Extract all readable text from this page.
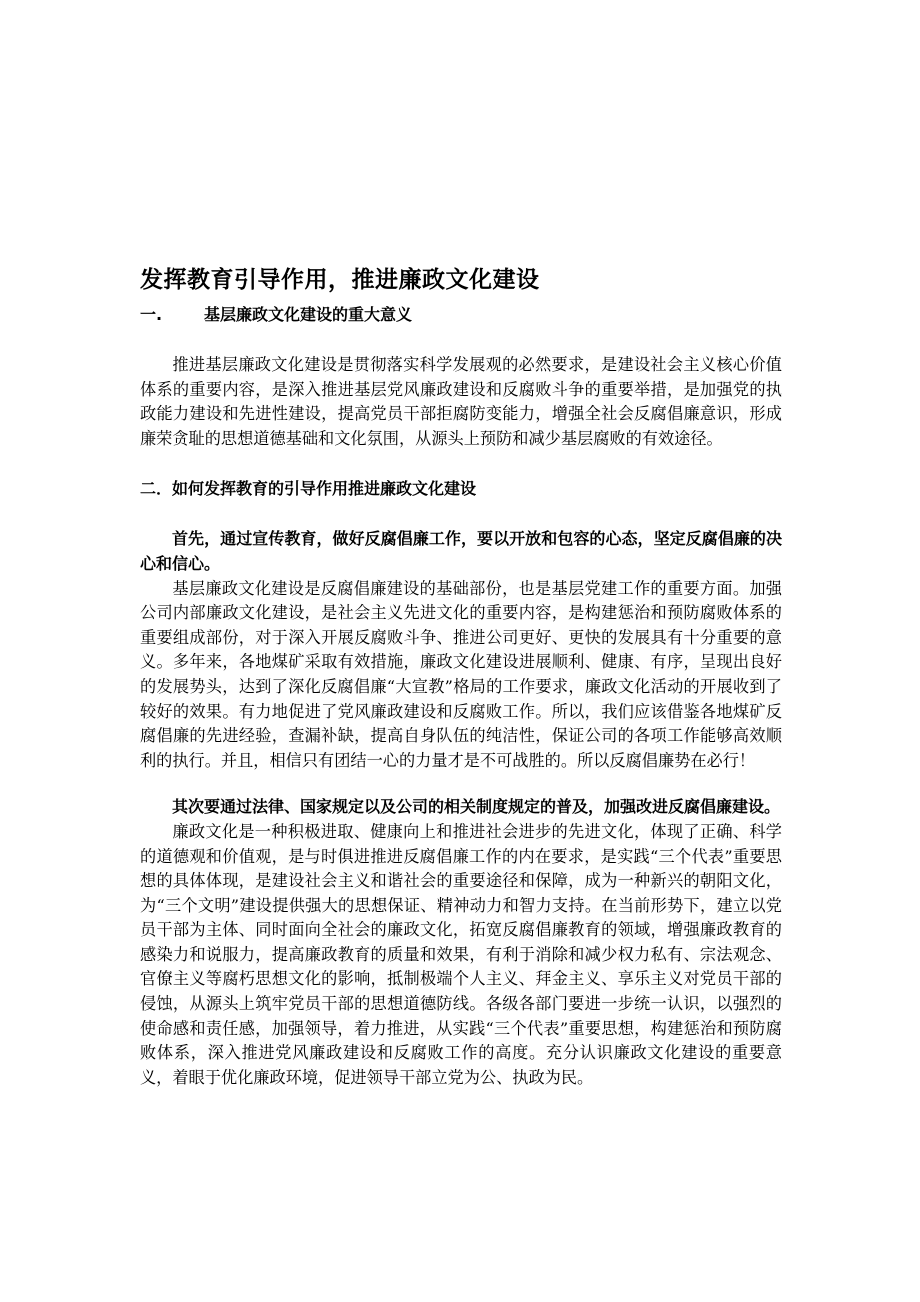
发挥教育引导作用，推进廉政文化建设
一.	基层廉政文化建设的重大意义

推进基层廉政文化建设是贯彻落实科学发展观的必然要求，是建设社会主义核心价值体系的重要内容，是深入推进基层党风廉政建设和反腐败斗争的重要举措，是加强党的执政能力建设和先进性建设，提高党员干部拒腐防变能力，增强全社会反腐倡廉意识，形成廉荣贪耻的思想道德基础和文化氛围，从源头上预防和减少基层腐败的有效途径。

二．如何发挥教育的引导作用推进廉政文化建设

首先，通过宣传教育，做好反腐倡廉工作，要以开放和包容的心态，坚定反腐倡廉的决心和信心。

基层廉政文化建设是反腐倡廉建设的基础部份，也是基层党建工作的重要方面。加强公司内部廉政文化建设，是社会主义先进文化的重要内容，是构建惩治和预防腐败体系的重要组成部份，对于深入开展反腐败斗争、推进公司更好、更快的发展具有十分重要的意义。多年来，各地煤矿采取有效措施，廉政文化建设进展顺利、健康、有序，呈现出良好的发展势头，达到了深化反腐倡廉“大宣教”格局的工作要求，廉政文化活动的开展收到了较好的效果。有力地促进了党风廉政建设和反腐败工作。所以，我们应该借鉴各地煤矿反腐倡廉的先进经验，查漏补缺，提高自身队伍的纯洁性，保证公司的各项工作能够高效顺利的执行。并且，相信只有团结一心的力量才是不可战胜的。所以反腐倡廉势在必行！

其次要通过法律、国家规定以及公司的相关制度规定的普及，加强改进反腐倡廉建设。

廉政文化是一种积极进取、健康向上和推进社会进步的先进文化，体现了正确、科学的道德观和价值观，是与时俱进推进反腐倡廉工作的内在要求，是实践“三个代表”重要思想的具体体现，是建设社会主义和谐社会的重要途径和保障，成为一种新兴的朝阳文化，为“三个文明”建设提供强大的思想保证、精神动力和智力支持。在当前形势下，建立以党员干部为主体、同时面向全社会的廉政文化，拓宽反腐倡廉教育的领域，增强廉政教育的感染力和说服力，提高廉政教育的质量和效果，有利于消除和减少权力私有、宗法观念、官僚主义等腐朽思想文化的影响，抵制极端个人主义、拜金主义、享乐主义对党员干部的侵蚀，从源头上筑牢党员干部的思想道德防线。各级各部门要进一步统一认识，以强烈的使命感和责任感，加强领导，着力推进，从实践“三个代表”重要思想，构建惩治和预防腐败体系，深入推进党风廉政建设和反腐败工作的高度。充分认识廉政文化建设的重要意义，着眼于优化廉政环境，促进领导干部立党为公、执政为民。
